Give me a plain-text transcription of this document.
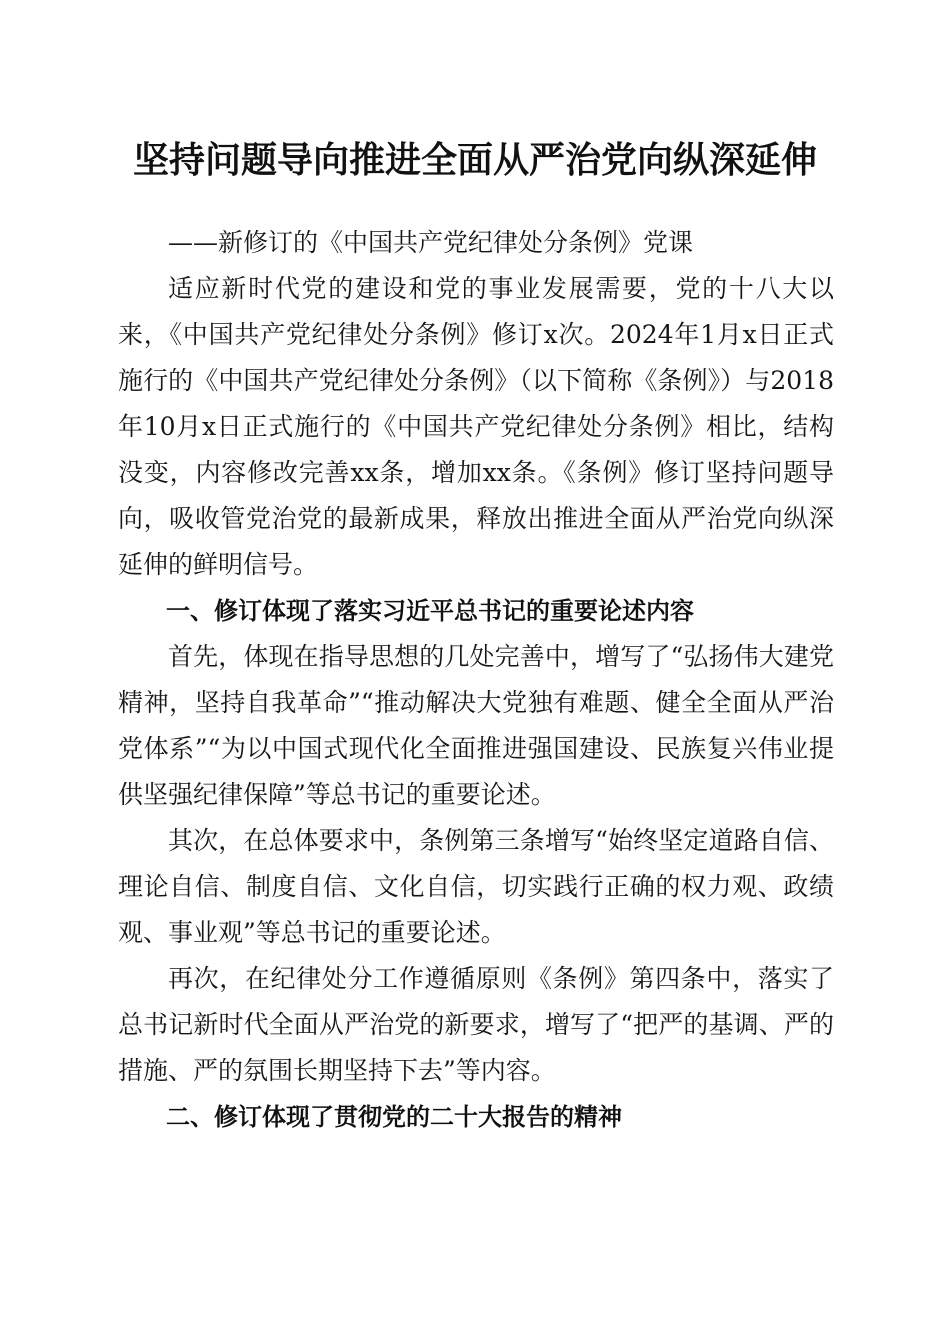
坚持问题导向推进全面从严治党向纵深延伸

——新修订的《中国共产党纪律处分条例》党课

适应新时代党的建设和党的事业发展需要，党的十八大以来，《中国共产党纪律处分条例》修订x次。2024年1月x日正式施行的《中国共产党纪律处分条例》（以下简称《条例》）与2018年10月x日正式施行的《中国共产党纪律处分条例》相比，结构没变，内容修改完善xx条，增加xx条。《条例》修订坚持问题导向，吸收管党治党的最新成果，释放出推进全面从严治党向纵深延伸的鲜明信号。

一、修订体现了落实习近平总书记的重要论述内容

首先，体现在指导思想的几处完善中，增写了“弘扬伟大建党精神，坚持自我革命”“推动解决大党独有难题、健全全面从严治党体系”“为以中国式现代化全面推进强国建设、民族复兴伟业提供坚强纪律保障”等总书记的重要论述。

其次，在总体要求中，条例第三条增写“始终坚定道路自信、理论自信、制度自信、文化自信，切实践行正确的权力观、政绩观、事业观”等总书记的重要论述。

再次，在纪律处分工作遵循原则《条例》第四条中，落实了总书记新时代全面从严治党的新要求，增写了“把严的基调、严的措施、严的氛围长期坚持下去”等内容。

二、修订体现了贯彻党的二十大报告的精神
